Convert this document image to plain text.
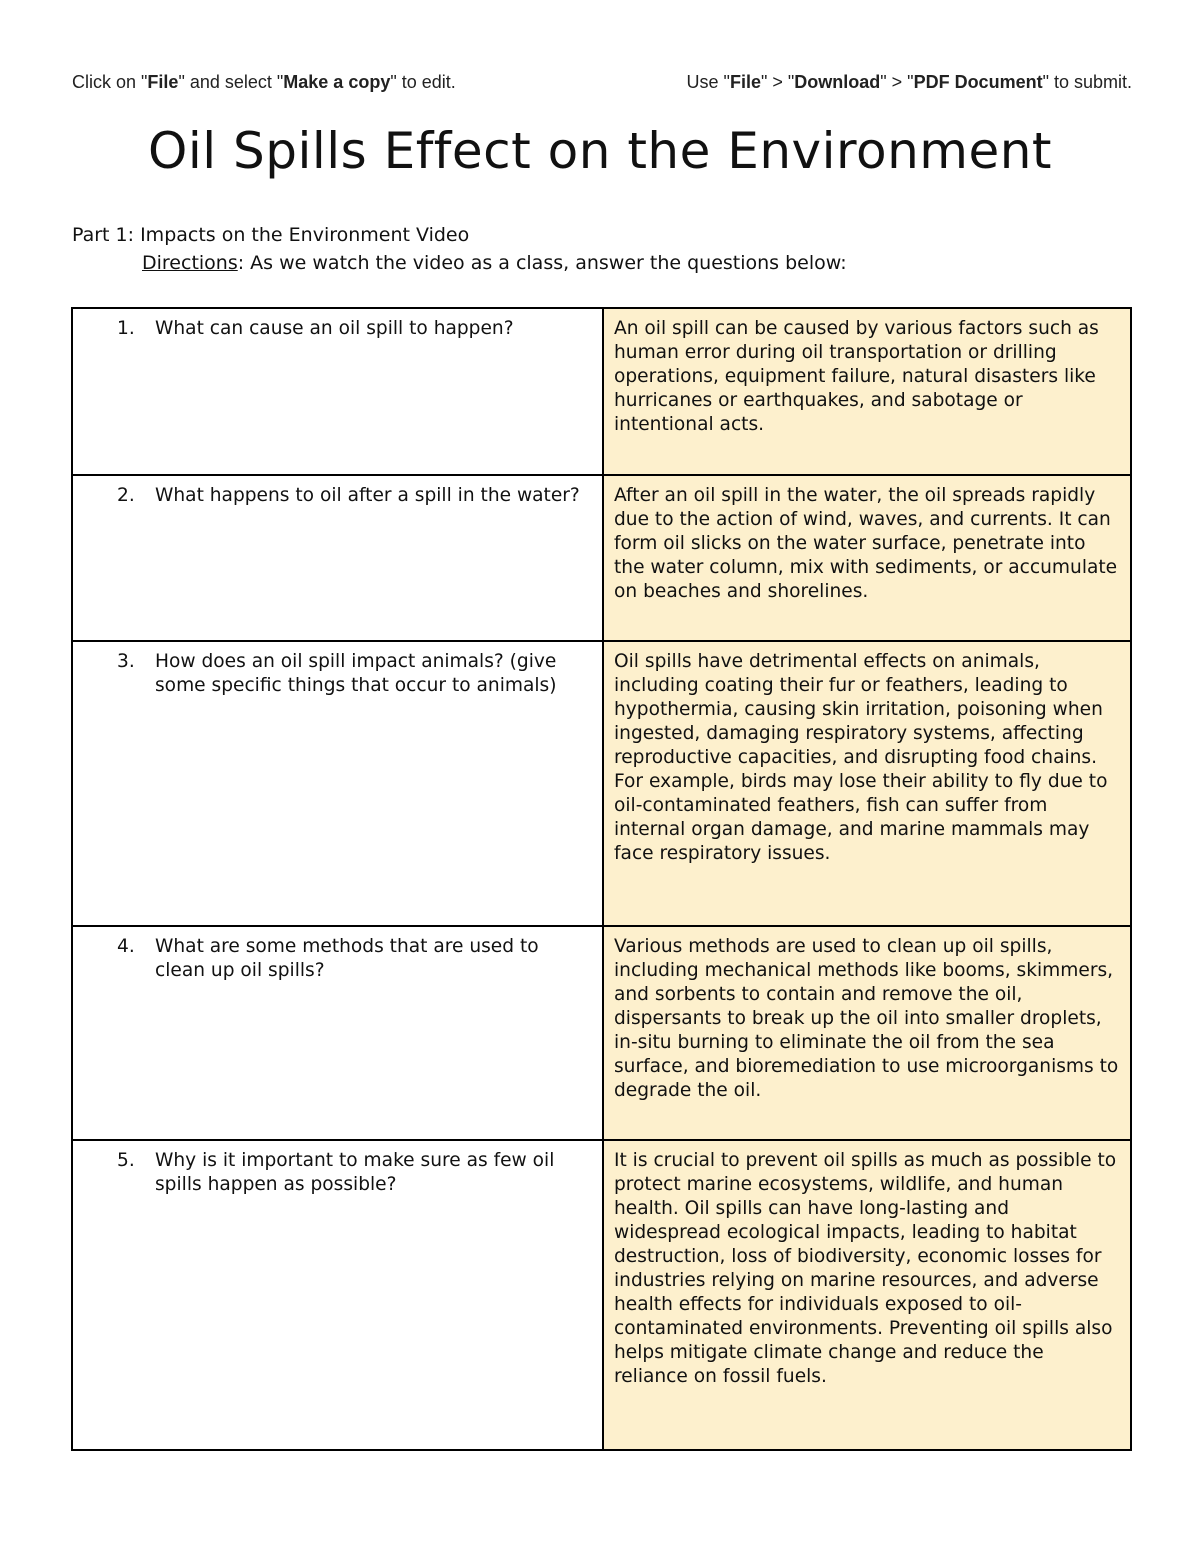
Click on "File" and select "Make a copy" to edit.	Use "File" > "Download" > "PDF Document" to submit.
Oil Spills Effect on the Environment
Part 1: Impacts on the Environment Video
Directions: As we watch the video as a class, answer the questions below:
1. What can cause an oil spill to happen?	An oil spill can be caused by various factors such as human error during oil transportation or drilling operations, equipment failure, natural disasters like hurricanes or earthquakes, and sabotage or intentional acts.

2. What happens to oil after a spill in the water?	After an oil spill in the water, the oil spreads rapidly due to the action of wind, waves, and currents. It can form oil slicks on the water surface, penetrate into the water column, mix with sediments, or accumulate on beaches and shorelines.

3. How does an oil spill impact animals? (give some specific things that occur to animals)	Oil spills have detrimental effects on animals, including coating their fur or feathers, leading to hypothermia, causing skin irritation, poisoning when ingested, damaging respiratory systems, affecting reproductive capacities, and disrupting food chains. For example, birds may lose their ability to fly due to oil-contaminated feathers, fish can suffer from internal organ damage, and marine mammals may face respiratory issues.

4. What are some methods that are used to clean up oil spills?	Various methods are used to clean up oil spills, including mechanical methods like booms, skimmers, and sorbents to contain and remove the oil, dispersants to break up the oil into smaller droplets, in-situ burning to eliminate the oil from the sea surface, and bioremediation to use microorganisms to degrade the oil.

5. Why is it important to make sure as few oil spills happen as possible?	It is crucial to prevent oil spills as much as possible to protect marine ecosystems, wildlife, and human health. Oil spills can have long-lasting and widespread ecological impacts, leading to habitat destruction, loss of biodiversity, economic losses for industries relying on marine resources, and adverse health effects for individuals exposed to oil-contaminated environments. Preventing oil spills also helps mitigate climate change and reduce the reliance on fossil fuels.
